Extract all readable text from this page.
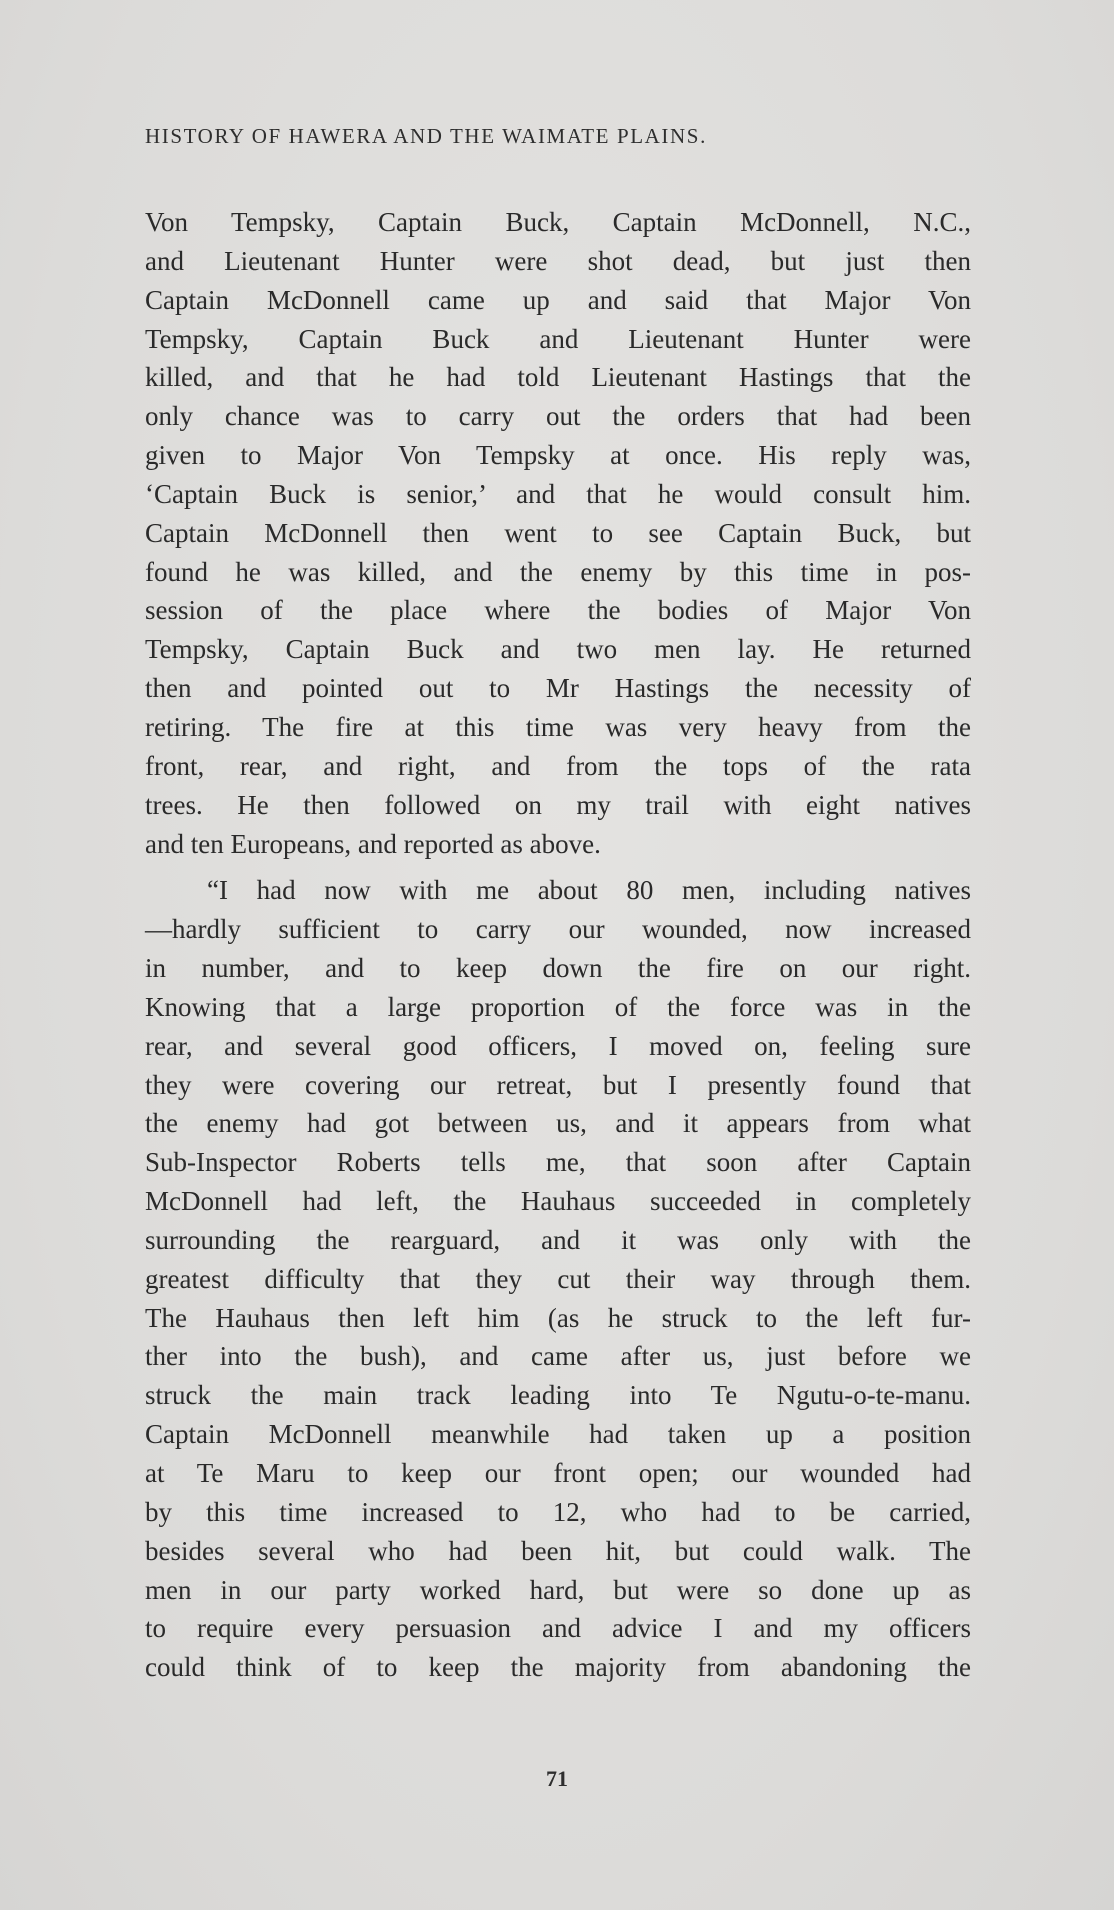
HISTORY OF HAWERA AND THE WAIMATE PLAINS.
Von Tempsky, Captain Buck, Captain McDonnell, N.C.,
and Lieutenant Hunter were shot dead, but just then
Captain McDonnell came up and said that Major Von
Tempsky, Captain Buck and Lieutenant Hunter were
killed, and that he had told Lieutenant Hastings that the
only chance was to carry out the orders that had been
given to Major Von Tempsky at once. His reply was,
‘Captain Buck is senior,’ and that he would consult him.
Captain McDonnell then went to see Captain Buck, but
found he was killed, and the enemy by this time in pos-
session of the place where the bodies of Major Von
Tempsky, Captain Buck and two men lay. He returned
then and pointed out to Mr Hastings the necessity of
retiring. The fire at this time was very heavy from the
front, rear, and right, and from the tops of the rata
trees. He then followed on my trail with eight natives
and ten Europeans, and reported as above.
“I had now with me about 80 men, including natives
—hardly sufficient to carry our wounded, now increased
in number, and to keep down the fire on our right.
Knowing that a large proportion of the force was in the
rear, and several good officers, I moved on, feeling sure
they were covering our retreat, but I presently found that
the enemy had got between us, and it appears from what
Sub-Inspector Roberts tells me, that soon after Captain
McDonnell had left, the Hauhaus succeeded in completely
surrounding the rearguard, and it was only with the
greatest difficulty that they cut their way through them.
The Hauhaus then left him (as he struck to the left fur-
ther into the bush), and came after us, just before we
struck the main track leading into Te Ngutu-o-te-manu.
Captain McDonnell meanwhile had taken up a position
at Te Maru to keep our front open; our wounded had
by this time increased to 12, who had to be carried,
besides several who had been hit, but could walk. The
men in our party worked hard, but were so done up as
to require every persuasion and advice I and my officers
could think of to keep the majority from abandoning the
71
